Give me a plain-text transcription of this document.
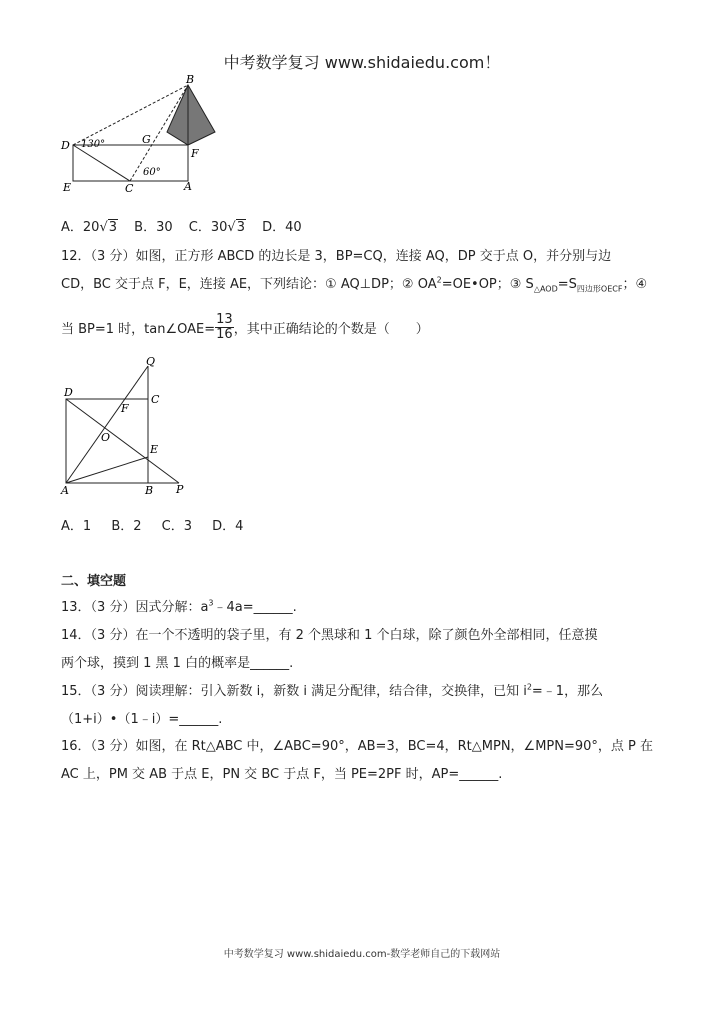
中考数学复习 www.shidaiedu.com！
B
D 130°	G
F
60°
E	C	A
A．20√3 B．30 C．30√3 D．40
12．（3 分）如图，正方形 ABCD 的边长是 3，BP=CQ，连接 AQ，DP 交于点 O，并分别与边
CD，BC 交于点 F，E，连接 AE，下列结论：① AQ⊥DP；② $OA^2=OE•OP$；③ $S_{\triangle AOD}=S_{四边形OECF}$；④
当 BP=1 时，tan∠OAE= $\frac{13}{16}$ ，其中正确结论的个数是（　　）
Q
D
C
F
O
E
A	B P
A．1 B．2 C．3 D．4
二、填空题
13．（3 分）因式分解：$a^3﹣4a=\_\_\_\_\_\_$.
14．（3 分）在一个不透明的袋子里，有 2 个黑球和 1 个白球，除了颜色外全部相同，任意摸
两个球，摸到 1 黑 1 白的概率是______.
15．（3 分）阅读理解：引入新数 i，新数 i 满足分配律，结合律，交换律，已知 $i^2=﹣1$，那么
（1+i）•（1﹣i）=______.
16．（3 分）如图，在 Rt△ABC 中，∠ABC=90°，AB=3，BC=4，Rt△MPN，∠MPN=90°，点 P 在
AC 上，PM 交 AB 于点 E，PN 交 BC 于点 F，当 PE=2PF 时，AP=______.
中考数学复习 www.shidaiedu.com-数学老师自己的下载网站
